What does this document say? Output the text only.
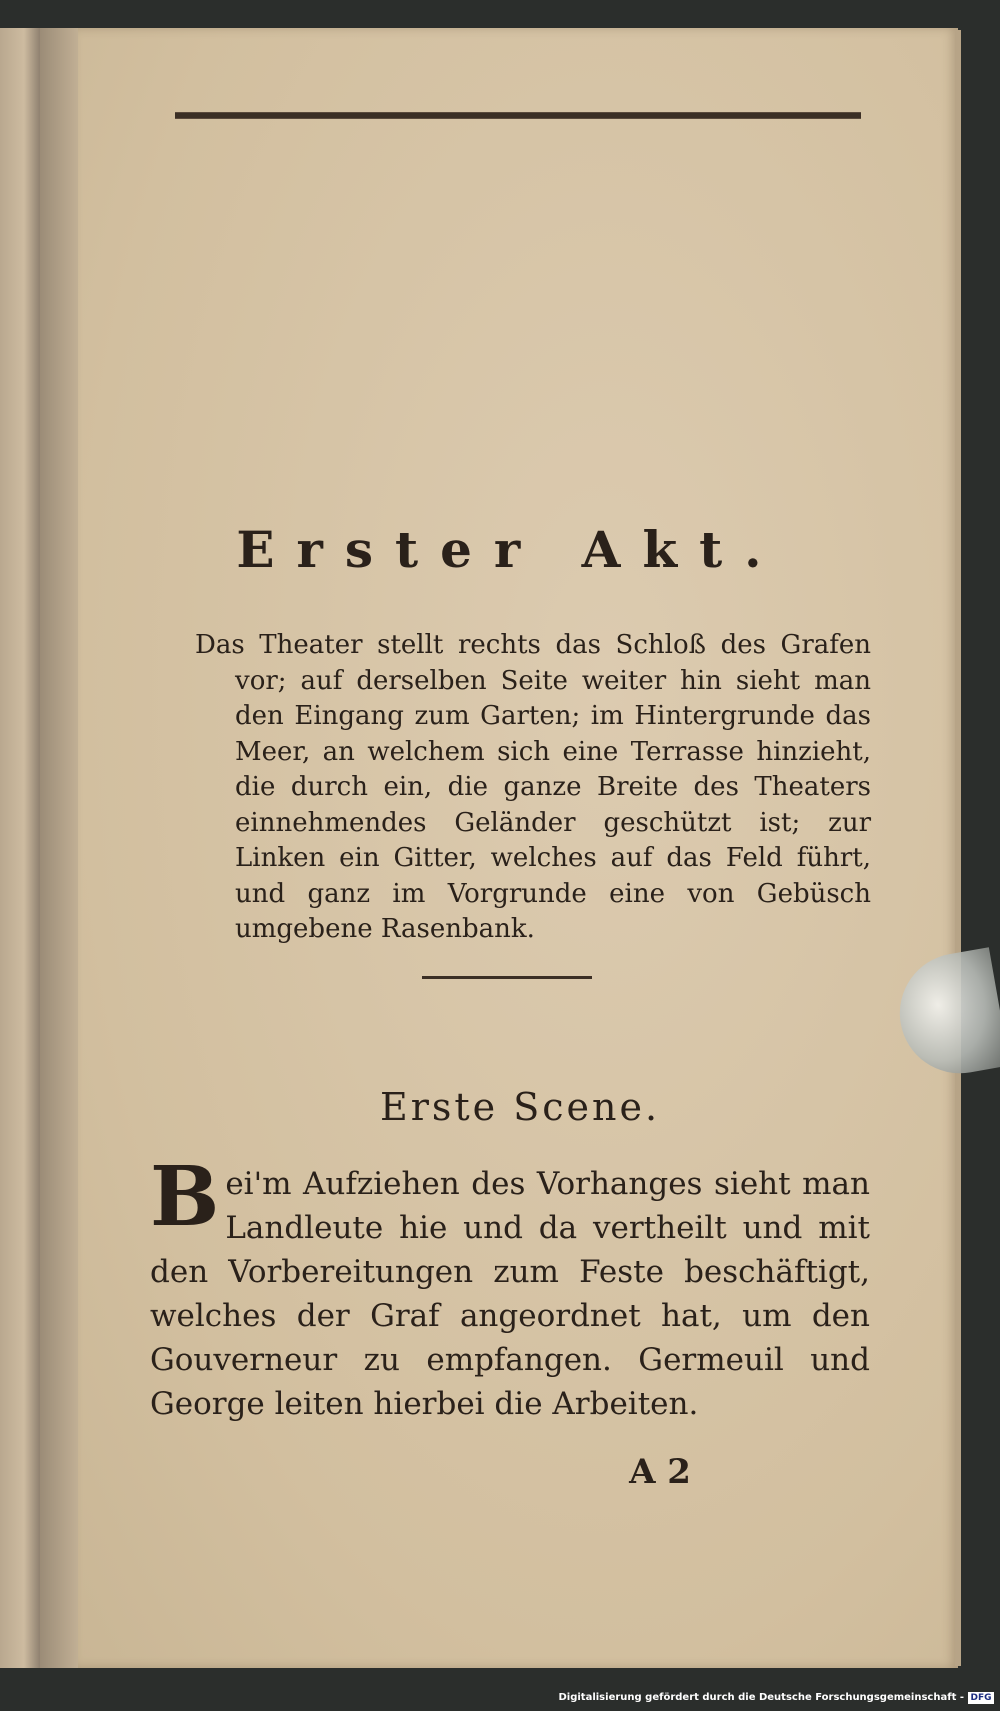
Erster Akt.

Das Theater stellt rechts das Schloß des Grafen vor; auf derselben Seite weiter hin sieht man den Eingang zum Garten; im Hintergrunde das Meer, an welchem sich eine Terrasse hinzieht, die durch ein, die ganze Breite des Theaters einnehmendes Geländer geschützt ist; zur Linken ein Gitter, welches auf das Feld führt, und ganz im Vorgrunde eine von Gebüsch umgebene Rasenbank.

Erste Scene.
Bei'm Aufziehen des Vorhanges sieht man Landleute hie und da vertheilt und mit den Vorbereitungen zum Feste beschäftigt, welches der Graf angeordnet hat, um den Gouverneur zu empfangen. Germeuil und George leiten hierbei die Arbeiten.
A 2
Digitalisierung gefördert durch die Deutsche Forschungsgemeinschaft - DFG
